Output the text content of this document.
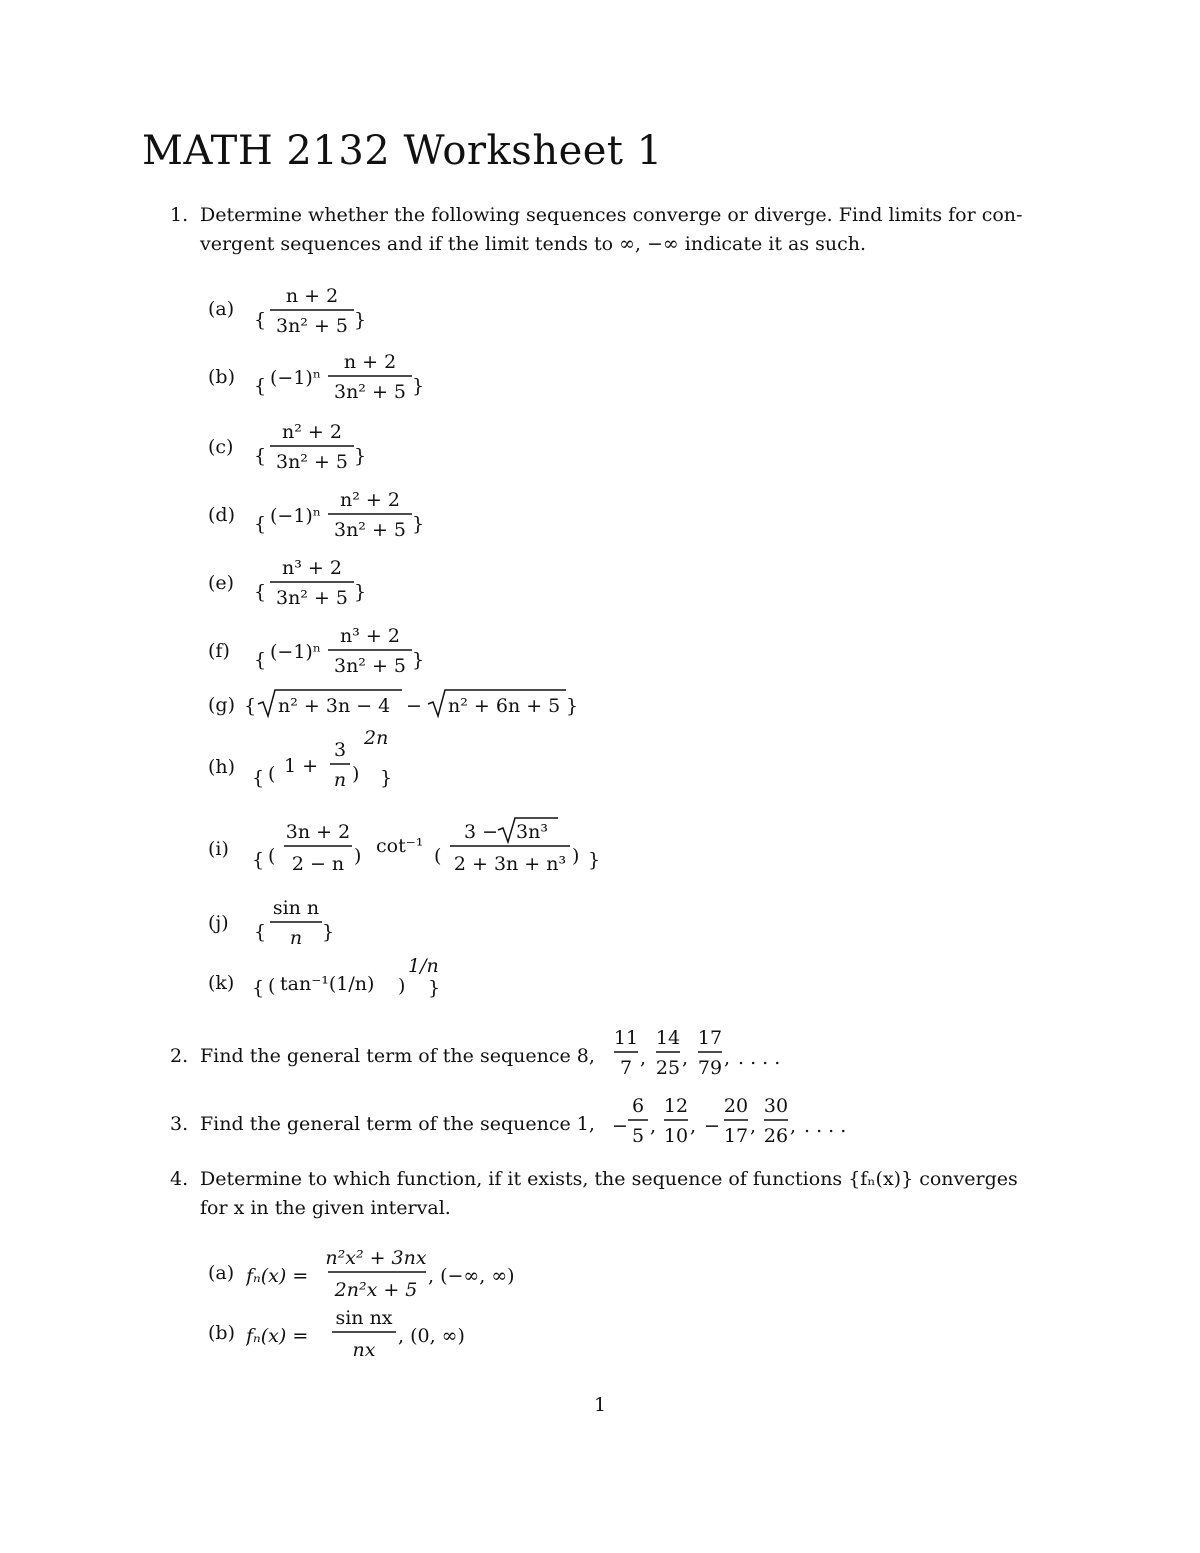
MATH 2132 Worksheet 1
1. Determine whether the following sequences converge or diverge. Find limits for con-
vergent sequences and if the limit tends to ∞, −∞ indicate it as such.
(a) {
n + 2
3n² + 5 }
(b) { (−1)ⁿ
n + 2
3n² + 5 }
(c) {
n² + 2
3n² + 5 }
(d) { (−1)ⁿ
n² + 2
3n² + 5 }
(e) {
n³ + 2
3n² + 5 }
(f) { (−1)ⁿ
n³ + 2
3n² + 5 }
(g) { n² + 3n − 4 − n² + 6n + 5 }
(h) { ( 1 +
3
n )
2n
}
(i) { (
3n + 2
2 − n ) cot⁻¹ (
3 − 3n³
2 + 3n + n³ ) }
(j) {
sin n
n }
(k) { ( tan⁻¹(1/n) )
1/n
}
2. Find the general term of the sequence 8,
11
7 ,
14
25 ,
17
79 , . . . .
3. Find the general term of the sequence 1, −
6
5 ,
12
10 , −
20
17 ,
30
26 , . . . .
4. Determine to which function, if it exists, the sequence of functions {fₙ(x)} converges
for x in the given interval.
(a) fₙ(x) =
n²x² + 3nx
2n²x + 5
, (−∞, ∞)
(b) fₙ(x) =
sin nx
nx
, (0, ∞)
1
